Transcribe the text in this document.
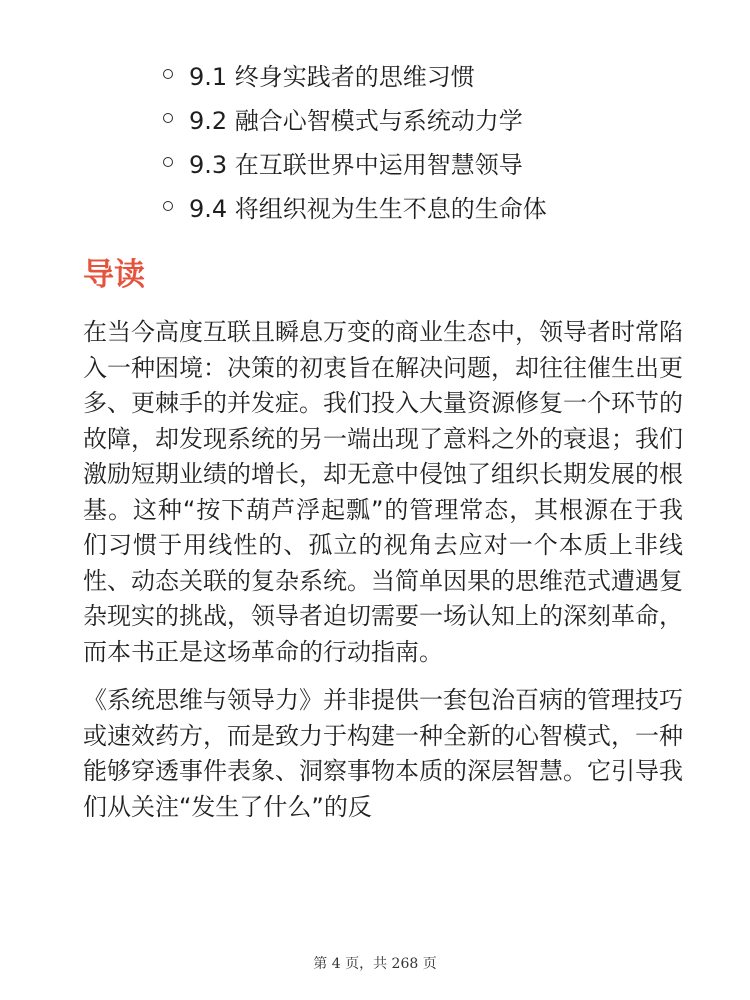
9.1 终身实践者的思维习惯
9.2 融合心智模式与系统动力学
9.3 在互联世界中运用智慧领导
9.4 将组织视为生生不息的生命体
导读

在当今高度互联且瞬息万变的商业生态中，领导者时常陷入一种困境：决策的初衷旨在解决问题，却往往催生出更多、更棘手的并发症。我们投入大量资源修复一个环节的故障，却发现系统的另一端出现了意料之外的衰退；我们激励短期业绩的增长，却无意中侵蚀了组织长期发展的根基。这种“按下葫芦浮起瓢”的管理常态，其根源在于我们习惯于用线性的、孤立的视角去应对一个本质上非线性、动态关联的复杂系统。当简单因果的思维范式遭遇复杂现实的挑战，领导者迫切需要一场认知上的深刻革命，而本书正是这场革命的行动指南。

《系统思维与领导力》并非提供一套包治百病的管理技巧或速效药方，而是致力于构建一种全新的心智模式，一种能够穿透事件表象、洞察事物本质的深层智慧。它引导我们从关注“发生了什么”的反

第 4 页，共 268 页
